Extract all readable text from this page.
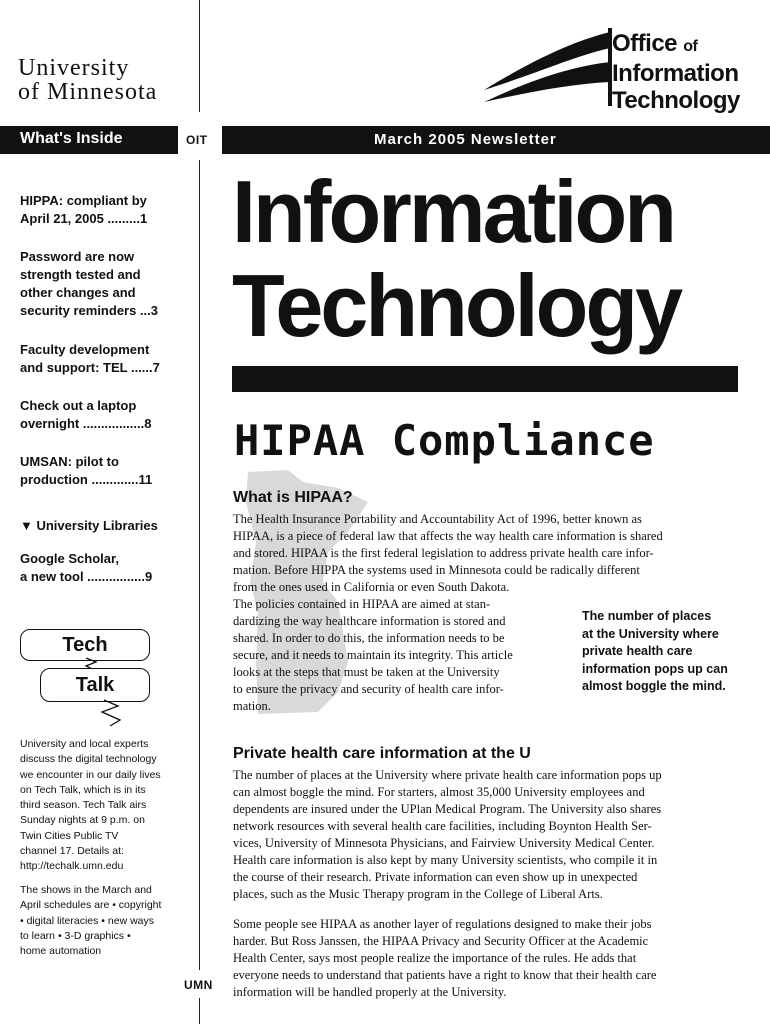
University
of Minnesota
Office of
Information
Technology
What's Inside	OIT	March 2005 Newsletter
HIPPA: compliant by
April 21, 2005 .........1
Password are now
strength tested and
other changes and
security reminders ...3
Faculty development
and support: TEL ......7
Check out a laptop
overnight .................8
UMSAN: pilot to
production .............11
▼ University Libraries
Google Scholar,
a new tool ................9
Tech
Talk
University and local experts
discuss the digital technology
we encounter in our daily lives
on Tech Talk, which is in its
third season. Tech Talk airs
Sunday nights at 9 p.m. on
Twin Cities Public TV
channel 17. Details at:
http://techalk.umn.edu
The shows in the March and
April schedules are • copyright
• digital literacies • new ways
to learn • 3-D graphics •
home automation
UMN
Information
Technology
HIPAA Compliance
What is HIPAA?
The Health Insurance Portability and Accountability Act of 1996, better known as
HIPAA, is a piece of federal law that affects the way health care information is shared
and stored. HIPAA is the first federal legislation to address private health care infor-
mation. Before HIPPA the systems used in Minnesota could be radically different
from the ones used in California or even South Dakota.
The policies contained in HIPAA are aimed at stan-
dardizing the way healthcare information is stored and
shared. In order to do this, the information needs to be
secure, and it needs to maintain its integrity. This article
looks at the steps that must be taken at the University
to ensure the privacy and security of health care infor-
mation.
The number of places
at the University where
private health care
information pops up can
almost boggle the mind.
Private health care information at the U
The number of places at the University where private health care information pops up
can almost boggle the mind. For starters, almost 35,000 University employees and
dependents are insured under the UPlan Medical Program. The University also shares
network resources with several health care facilities, including Boynton Health Ser-
vices, University of Minnesota Physicians, and Fairview University Medical Center.
Health care information is also kept by many University scientists, who compile it in
the course of their research. Private information can even show up in unexpected
places, such as the Music Therapy program in the College of Liberal Arts.
Some people see HIPAA as another layer of regulations designed to make their jobs
harder. But Ross Janssen, the HIPAA Privacy and Security Officer at the Academic
Health Center, says most people realize the importance of the rules. He adds that
everyone needs to understand that patients have a right to know that their health care
information will be handled properly at the University.
